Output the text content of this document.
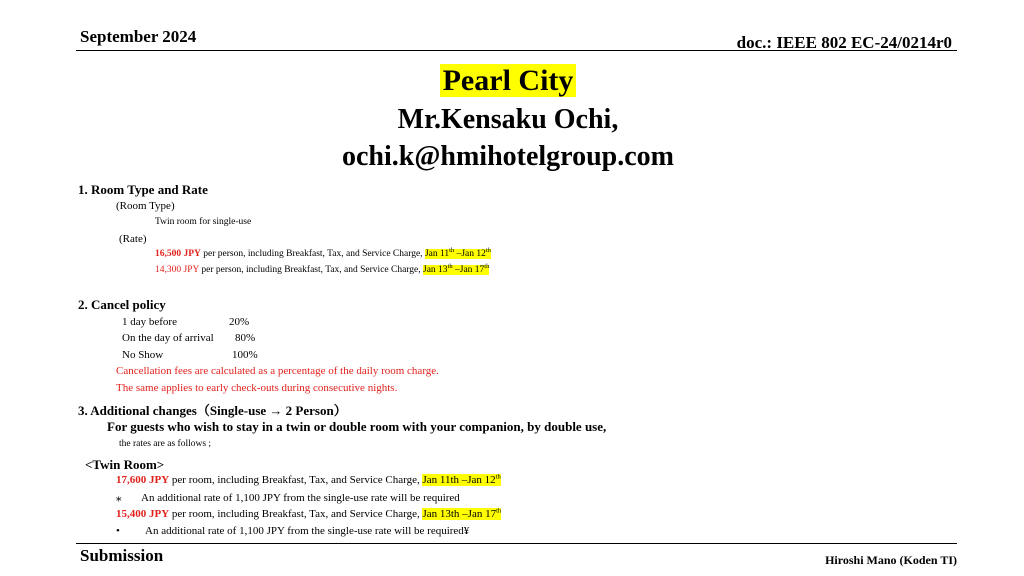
September 2024	doc.: IEEE 802 EC-24/0214r0
Pearl City
Mr.Kensaku Ochi,
ochi.k@hmihotelgroup.com
1. Room Type and Rate
(Room Type)
Twin room for single-use
(Rate)
16,500 JPY per person, including Breakfast, Tax, and Service Charge, Jan 11th –Jan 12th
14,300 JPY per person, including Breakfast, Tax, and Service Charge, Jan 13th –Jan 17th
2. Cancel policy
1 day before	20%
On the day of arrival 80%
No Show	100%
Cancellation fees are calculated as a percentage of the daily room charge.
The same applies to early check-outs during consecutive nights.
3. Additional changes（Single-use → 2 Person）
For guests who wish to stay in a twin or double room with your companion, by double use,
the rates are as follows ;
<Twin Room>
17,600 JPY per room, including Breakfast, Tax, and Service Charge, Jan 11th –Jan 12th
⁎ An additional rate of 1,100 JPY from the single-use rate will be required
15,400 JPY per room, including Breakfast, Tax, and Service Charge, Jan 13th –Jan 17th
• An additional rate of 1,100 JPY from the single-use rate will be required¥
Submission	Hiroshi Mano (Koden TI)
